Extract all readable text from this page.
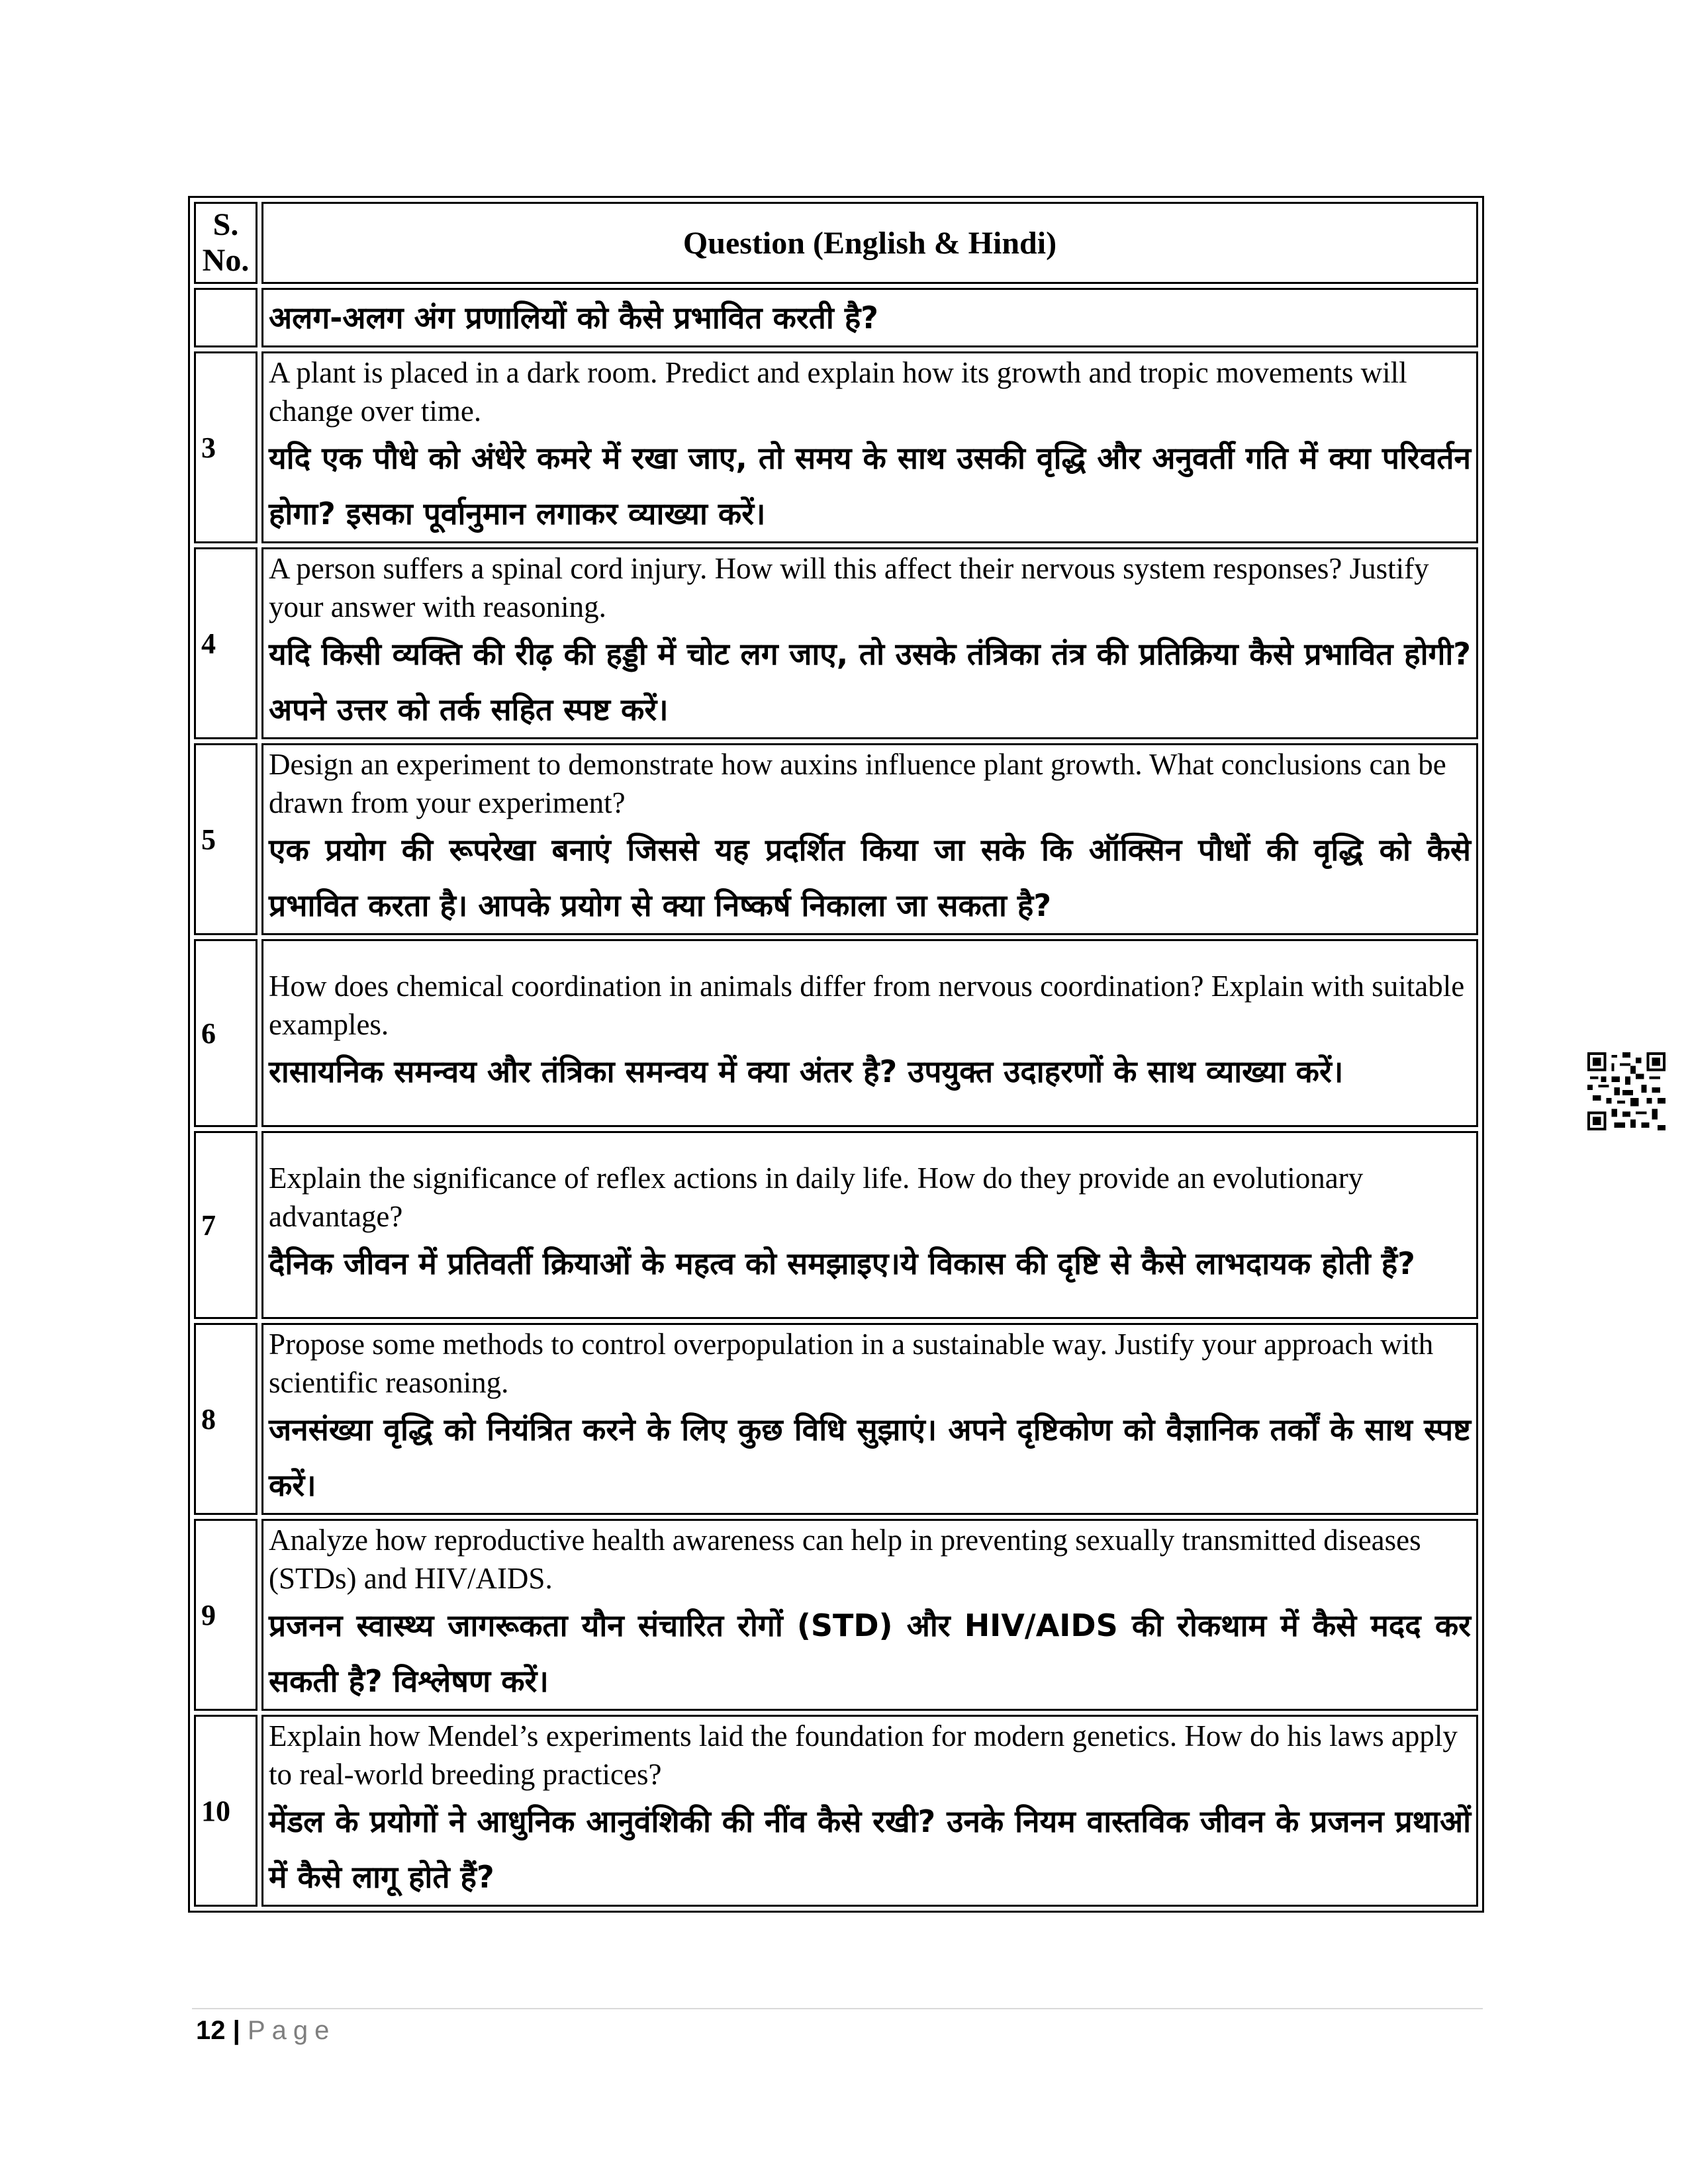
S. No.	Question (English & Hindi)
	अलग-अलग अंग प्रणालियों को कैसे प्रभावित करती है?
3	A plant is placed in a dark room. Predict and explain how its growth and tropic movements will change over time.
यदि एक पौधे को अंधेरे कमरे में रखा जाए, तो समय के साथ उसकी वृद्धि और अनुवर्ती गति में क्या परिवर्तन होगा? इसका पूर्वानुमान लगाकर व्याख्या करें।

4	A person suffers a spinal cord injury. How will this affect their nervous system responses? Justify your answer with reasoning.
यदि किसी व्यक्ति की रीढ़ की हड्डी में चोट लग जाए, तो उसके तंत्रिका तंत्र की प्रतिक्रिया कैसे प्रभावित होगी? अपने उत्तर को तर्क सहित स्पष्ट करें।

5	Design an experiment to demonstrate how auxins influence plant growth. What conclusions can be drawn from your experiment?
एक प्रयोग की रूपरेखा बनाएं जिससे यह प्रदर्शित किया जा सके कि ऑक्सिन पौधों की वृद्धि को कैसे प्रभावित करता है। आपके प्रयोग से क्या निष्कर्ष निकाला जा सकता है?

6	How does chemical coordination in animals differ from nervous coordination? Explain with suitable examples.
रासायनिक समन्वय और तंत्रिका समन्वय में क्या अंतर है? उपयुक्त उदाहरणों के साथ व्याख्या करें।

7	Explain the significance of reflex actions in daily life. How do they provide an evolutionary advantage?
दैनिक जीवन में प्रतिवर्ती क्रियाओं के महत्व को समझाइए।ये विकास की दृष्टि से कैसे लाभदायक होती हैं?

8	Propose some methods to control overpopulation in a sustainable way. Justify your approach with scientific reasoning.
जनसंख्या वृद्धि को नियंत्रित करने के लिए कुछ विधि सुझाएं। अपने दृष्टिकोण को वैज्ञानिक तर्कों के साथ स्पष्ट करें।

9	Analyze how reproductive health awareness can help in preventing sexually transmitted diseases (STDs) and HIV/AIDS.
प्रजनन स्वास्थ्य जागरूकता यौन संचारित रोगों (STD) और HIV/AIDS की रोकथाम में कैसे मदद कर सकती है? विश्लेषण करें।

10	Explain how Mendel’s experiments laid the foundation for modern genetics. How do his laws apply to real-world breeding practices?
मेंडल के प्रयोगों ने आधुनिक आनुवंशिकी की नींव कैसे रखी? उनके नियम वास्तविक जीवन के प्रजनन प्रथाओं में कैसे लागू होते हैं?
12 | Page
